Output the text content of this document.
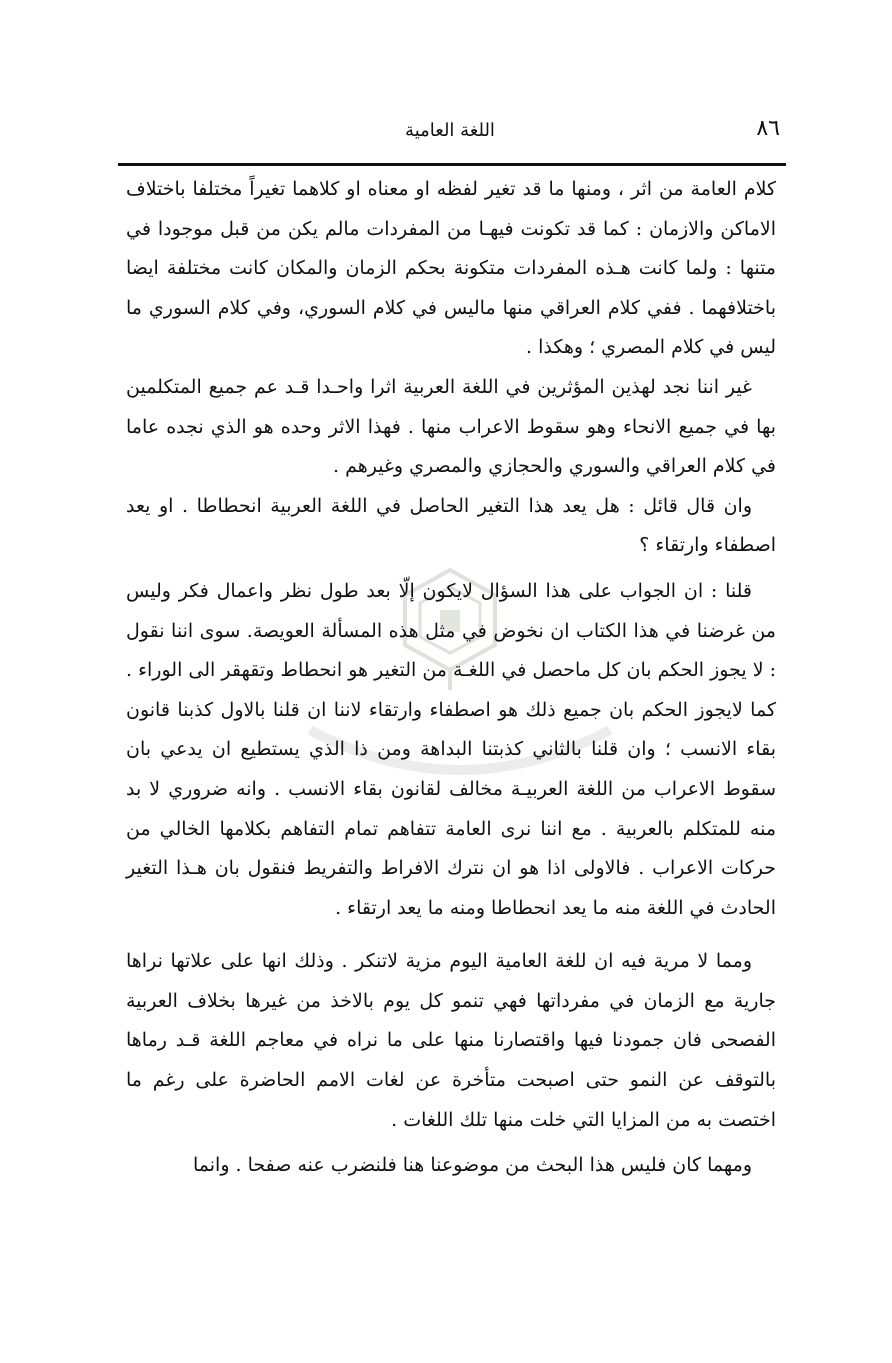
٨٦
اللغة العامية

كلام العامة من اثر ، ومنها ما قد تغير لفظه او معناه او كلاهما تغيراً مختلفا باختلاف الاماكن والازمان : كما قد تكونت فيهـا من المفردات مالم يكن من قبل موجودا في متنها : ولما كانت هـذه المفردات متكونة بحكم الزمان والمكان كانت مختلفة ايضا باختلافهما . ففي كلام العراقي منها ماليس في كلام السوري، وفي كلام السوري ما ليس في كلام المصري ؛ وهكذا .

غير اننا نجد لهذين المؤثرين في اللغة العربية اثرا واحـدا قـد عم جميع المتكلمين بها في جميع الانحاء وهو سقوط الاعراب منها . فهذا الاثر وحده هو الذي نجده عاما في كلام العراقي والسوري والحجازي والمصري وغيرهم .

وان قال قائل : هل يعد هذا التغير الحاصل في اللغة العربية انحطاطا . او يعد اصطفاء وارتقاء ؟

قلنا : ان الجواب على هذا السؤال لايكون إلّا بعد طول نظر واعمال فكر وليس من غرضنا في هذا الكتاب ان نخوض في مثل هذه المسألة العويصة. سوى اننا نقول : لا يجوز الحكم بان كل ماحصل في اللغـة من التغير هو انحطاط وتقهقر الى الوراء . كما لايجوز الحكم بان جميع ذلك هو اصطفاء وارتقاء لاننا ان قلنا بالاول كذبنا قانون بقاء الانسب ؛ وان قلنا بالثاني كذبتنا البداهة ومن ذا الذي يستطيع ان يدعي بان سقوط الاعراب من اللغة العربيـة مخالف لقانون بقاء الانسب . وانه ضروري لا بد منه للمتكلم بالعربية . مع اننا نرى العامة تتفاهم تمام التفاهم بكلامها الخالي من حركات الاعراب . فالاولى اذا هو ان نترك الافراط والتفريط فنقول بان هـذا التغير الحادث في اللغة منه ما يعد انحطاطا ومنه ما يعد ارتقاء .

ومما لا مرية فيه ان للغة العامية اليوم مزية لاتنكر . وذلك انها على علاتها نراها جارية مع الزمان في مفرداتها فهي تنمو كل يوم بالاخذ من غيرها بخلاف العربية الفصحى فان جمودنا فيها واقتصارنا منها على ما نراه في معاجم اللغة قـد رماها بالتوقف عن النمو حتى اصبحت متأخرة عن لغات الامم الحاضرة على رغم ما اختصت به من المزايا التي خلت منها تلك اللغات .

ومهما كان فليس هذا البحث من موضوعنا هنا فلنضرب عنه صفحا . وانما
